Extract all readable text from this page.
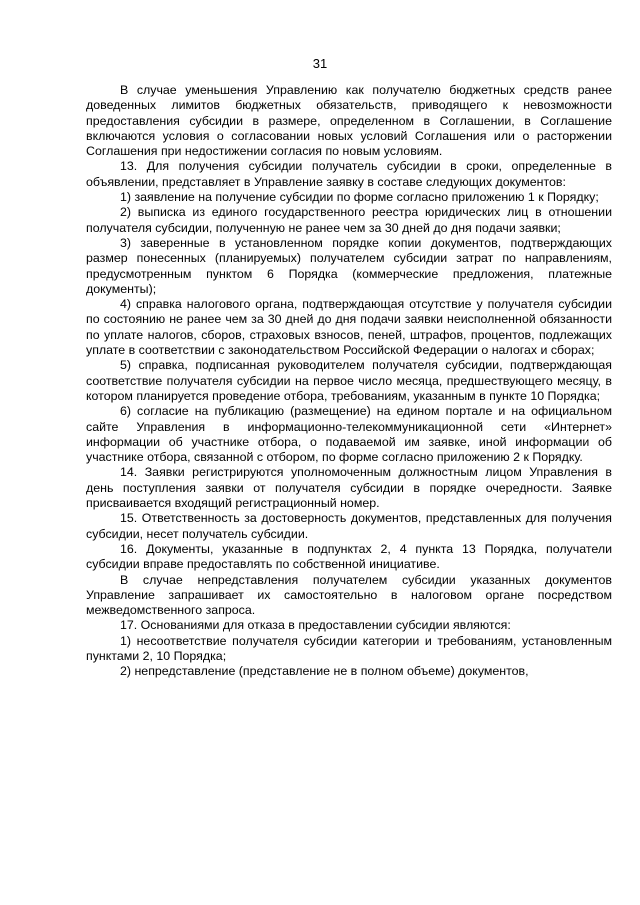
31

В случае уменьшения Управлению как получателю бюджетных средств ранее доведенных лимитов бюджетных обязательств, приводящего к невозможности предоставления субсидии в размере, определенном в Соглашении, в Соглашение включаются условия о согласовании новых условий Соглашения или о расторжении Соглашения при недостижении согласия по новым условиям.

13. Для получения субсидии получатель субсидии в сроки, определенные в объявлении, представляет в Управление заявку в составе следующих документов:

1) заявление на получение субсидии по форме согласно приложению 1 к Порядку;

2) выписка из единого государственного реестра юридических лиц в отношении получателя субсидии, полученную не ранее чем за 30 дней до дня подачи заявки;

3) заверенные в установленном порядке копии документов, подтверждающих размер понесенных (планируемых) получателем субсидии затрат по направлениям, предусмотренным пунктом 6 Порядка (коммерческие предложения, платежные документы);

4) справка налогового органа, подтверждающая отсутствие у получателя субсидии по состоянию не ранее чем за 30 дней до дня подачи заявки неисполненной обязанности по уплате налогов, сборов, страховых взносов, пеней, штрафов, процентов, подлежащих уплате в соответствии с законодательством Российской Федерации о налогах и сборах;

5) справка, подписанная руководителем получателя субсидии, подтверждающая соответствие получателя субсидии на первое число месяца, предшествующего месяцу, в котором планируется проведение отбора, требованиям, указанным в пункте 10 Порядка;

6) согласие на публикацию (размещение) на едином портале и на официальном сайте Управления в информационно-телекоммуникационной сети «Интернет» информации об участнике отбора, о подаваемой им заявке, иной информации об участнике отбора, связанной с отбором, по форме согласно приложению 2 к Порядку.

14. Заявки регистрируются уполномоченным должностным лицом Управления в день поступления заявки от получателя субсидии в порядке очередности. Заявке присваивается входящий регистрационный номер.

15. Ответственность за достоверность документов, представленных для получения субсидии, несет получатель субсидии.

16. Документы, указанные в подпунктах 2, 4 пункта 13 Порядка, получатели субсидии вправе предоставлять по собственной инициативе.

В случае непредставления получателем субсидии указанных документов Управление запрашивает их самостоятельно в налоговом органе посредством межведомственного запроса.

17. Основаниями для отказа в предоставлении субсидии являются:

1) несоответствие получателя субсидии категории и требованиям, установленным пунктами 2, 10 Порядка;

2) непредставление (представление не в полном объеме) документов,
